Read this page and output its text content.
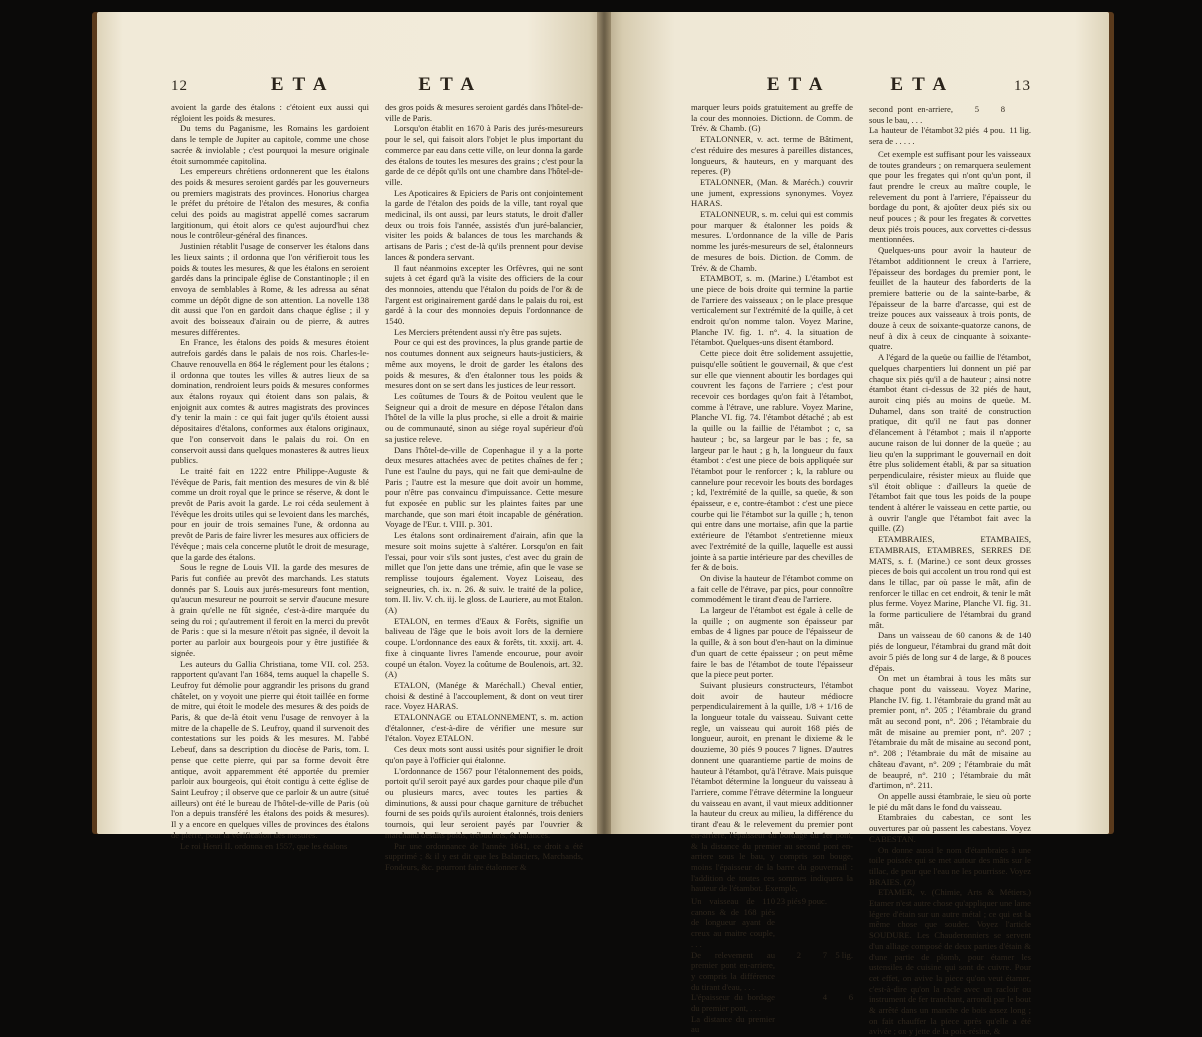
12	ETA	ETA

avoient la garde des étalons : c'étoient eux aussi qui régloient les poids & mesures.

Du tems du Paganisme, les Romains les gardoient dans le temple de Jupiter au capitole, comme une chose sacrée & inviolable ; c'est pourquoi la mesure originale étoit surnommée capitolina.

Les empereurs chrétiens ordonnerent que les étalons des poids & mesures seroient gardés par les gouverneurs ou premiers magistrats des provinces. Honorius chargea le préfet du prétoire de l'étalon des mesures, & confia celui des poids au magistrat appellé comes sacrarum largitionum, qui étoit alors ce qu'est aujourd'hui chez nous le contrôleur-général des finances.

Justinien rétablit l'usage de conserver les étalons dans les lieux saints ; il ordonna que l'on vérifieroit tous les poids & toutes les mesures, & que les étalons en seroient gardés dans la principale église de Constantinople ; il en envoya de semblables à Rome, & les adressa au sénat comme un dépôt digne de son attention. La novelle 138 dit aussi que l'on en gardoit dans chaque église ; il y avoit des boisseaux d'airain ou de pierre, & autres mesures différentes.

En France, les étalons des poids & mesures étoient autrefois gardés dans le palais de nos rois. Charles-le-Chauve renouvella en 864 le réglement pour les étalons ; il ordonna que toutes les villes & autres lieux de sa domination, rendroient leurs poids & mesures conformes aux étalons royaux qui étoient dans son palais, & enjoignit aux comtes & autres magistrats des provinces d'y tenir la main : ce qui fait juger qu'ils étoient aussi dépositaires d'étalons, conformes aux étalons originaux, que l'on conservoit dans le palais du roi. On en conservoit aussi dans quelques monasteres & autres lieux publics.

Le traité fait en 1222 entre Philippe-Auguste & l'évêque de Paris, fait mention des mesures de vin & blé comme un droit royal que le prince se réserve, & dont le prevôt de Paris avoit la garde. Le roi céda seulement à l'évêque les droits utiles qui se levoient dans les marchés, pour en jouir de trois semaines l'une, & ordonna au prevôt de Paris de faire livrer les mesures aux officiers de l'évêque ; mais cela concerne plutôt le droit de mesurage, que la garde des étalons.

Sous le regne de Louis VII. la garde des mesures de Paris fut confiée au prevôt des marchands. Les statuts donnés par S. Louis aux jurés-mesureurs font mention, qu'aucun mesureur ne pourroit se servir d'aucune mesure à grain qu'elle ne fût signée, c'est-à-dire marquée du seing du roi ; qu'autrement il feroit en la merci du prevôt de Paris : que si la mesure n'étoit pas signée, il devoit la porter au parloir aux bourgeois pour y être justifiée & signée.

Les auteurs du Gallia Christiana, tome VII. col. 253. rapportent qu'avant l'an 1684, tems auquel la chapelle S. Leufroy fut démolie pour aggrandir les prisons du grand châtelet, on y voyoit une pierre qui étoit taillée en forme de mitre, qui étoit le modele des mesures & des poids de Paris, & que de-là étoit venu l'usage de renvoyer à la mitre de la chapelle de S. Leufroy, quand il survenoit des contestations sur les poids & les mesures. M. l'abbé Lebeuf, dans sa description du diocèse de Paris, tom. I. pense que cette pierre, qui par sa forme devoit être antique, avoit apparemment été apportée du premier parloir aux bourgeois, qui étoit contigu à cette église de Saint Leufroy ; il observe que ce parloir & un autre (situé ailleurs) ont été le bureau de l'hôtel-de-ville de Paris (où l'on a depuis transféré les étalons des poids & mesures). Il y a encore en quelques villes de provinces des étalons de pierre, pour la vérification des mesures.

Le roi Henri II. ordonna en 1557, que les étalons

des gros poids & mesures seroient gardés dans l'hôtel-de-ville de Paris.

Lorsqu'on établit en 1670 à Paris des jurés-mesureurs pour le sel, qui faisoit alors l'objet le plus important du commerce par eau dans cette ville, on leur donna la garde des étalons de toutes les mesures des grains ; c'est pour la garde de ce dépôt qu'ils ont une chambre dans l'hôtel-de-ville.

Les Apoticaires & Epiciers de Paris ont conjointement la garde de l'étalon des poids de la ville, tant royal que medicinal, ils ont aussi, par leurs statuts, le droit d'aller deux ou trois fois l'année, assistés d'un juré-balancier, visiter les poids & balances de tous les marchands & artisans de Paris ; c'est de-là qu'ils prennent pour devise lances & pondera servant.

Il faut néanmoins excepter les Orfèvres, qui ne sont sujets à cet égard qu'à la visite des officiers de la cour des monnoies, attendu que l'étalon du poids de l'or & de l'argent est originairement gardé dans le palais du roi, est gardé à la cour des monnoies depuis l'ordonnance de 1540.

Les Merciers prétendent aussi n'y être pas sujets.

Pour ce qui est des provinces, la plus grande partie de nos coutumes donnent aux seigneurs hauts-justiciers, & même aux moyens, le droit de garder les étalons des poids & mesures, & d'en étalonner tous les poids & mesures dont on se sert dans les justices de leur ressort.

Les coûtumes de Tours & de Poitou veulent que le Seigneur qui a droit de mesure en dépose l'étalon dans l'hôtel de la ville la plus proche, si elle a droit & mairie ou de communauté, sinon au siége royal supérieur d'où sa justice releve.

Dans l'hôtel-de-ville de Copenhague il y a la porte deux mesures attachées avec de petites chaînes de fer ; l'une est l'aulne du pays, qui ne fait que demi-aulne de Paris ; l'autre est la mesure que doit avoir un homme, pour n'être pas convaincu d'impuissance. Cette mesure fut exposée en public sur les plaintes faites par une marchande, que son mari étoit incapable de génération. Voyage de l'Eur. t. VIII. p. 301.

Les étalons sont ordinairement d'airain, afin que la mesure soit moins sujette à s'altérer. Lorsqu'on en fait l'essai, pour voir s'ils sont justes, c'est avec du grain de millet que l'on jette dans une trémie, afin que le vase se remplisse toujours également. Voyez Loiseau, des seigneuries, ch. ix. n. 26. & suiv. le traité de la police, tom. II. liv. V. ch. iij. le gloss. de Lauriere, au mot Etalon. (A)

ETALON, en termes d'Eaux & Forêts, signifie un baliveau de l'âge que le bois avoit lors de la derniere coupe. L'ordonnance des eaux & forêts, tit. xxxij. art. 4. fixe à cinquante livres l'amende encourue, pour avoir coupé un étalon. Voyez la coûtume de Boulenois, art. 32. (A)

ETALON, (Manége & Maréchall.) Cheval entier, choisi & destiné à l'accouplement, & dont on veut tirer race. Voyez HARAS.

ETALONNAGE ou ETALONNEMENT, s. m. action d'étalonner, c'est-à-dire de vérifier une mesure sur l'étalon. Voyez ETALON.

Ces deux mots sont aussi usités pour signifier le droit qu'on paye à l'officier qui étalonne.

L'ordonnance de 1567 pour l'étalonnement des poids, portoit qu'il seroit payé aux gardes pour chaque pile d'un ou plusieurs marcs, avec toutes les parties & diminutions, & aussi pour chaque garniture de trébuchet fourni de ses poids qu'ils auroient étalonnés, trois deniers tournois, qui leur seroient payés par l'ouvrier & marchand desdits poids, trébuchets, & balances.

Par une ordonnance de l'année 1641, ce droit a été supprimé ; & il y est dit que les Balanciers, Marchands, Fondeurs, &c. pourront faire étalonner &

ETA	ETA	13

marquer leurs poids gratuitement au greffe de la cour des monnoies. Dictionn. de Comm. de Trév. & Chamb. (G)

ETALONNER, v. act. terme de Bâtiment, c'est réduire des mesures à pareilles distances, longueurs, & hauteurs, en y marquant des reperes. (P)

ETALONNER, (Man. & Maréch.) couvrir une jument, expressions synonymes. Voyez HARAS.

ETALONNEUR, s. m. celui qui est commis pour marquer & étalonner les poids & mesures. L'ordonnance de la ville de Paris nomme les jurés-mesureurs de sel, étalonneurs de mesures de bois. Diction. de Comm. de Trév. & de Chamb.

ETAMBOT, s. m. (Marine.) L'étambot est une piece de bois droite qui termine la partie de l'arriere des vaisseaux ; on le place presque verticalement sur l'extrémité de la quille, à cet endroit qu'on nomme talon. Voyez Marine, Planche IV. fig. 1. n°. 4. la situation de l'étambot. Quelques-uns disent étambord.

Cette piece doit être solidement assujettie, puisqu'elle soûtient le gouvernail, & que c'est sur elle que viennent aboutir les bordages qui couvrent les façons de l'arriere ; c'est pour recevoir ces bordages qu'on fait à l'étambot, comme à l'étrave, une rablure. Voyez Marine, Planche VI. fig. 74. l'étambot détaché ; ab est la quille ou la faillie de l'étambot ; c, sa hauteur ; bc, sa largeur par le bas ; fe, sa largeur par le haut ; g h, la longueur du faux étambot : c'est une piece de bois appliquée sur l'étambot pour le renforcer ; k, la rablure ou cannelure pour recevoir les bouts des bordages ; kd, l'extrémité de la quille, sa queüe, & son épaisseur, e e, contre-étambot : c'est une piece courbe qui lie l'étambot sur la quille ; h, tenon qui entre dans une mortaise, afin que la partie extérieure de l'étambot s'entretienne mieux avec l'extrémité de la quille, laquelle est aussi jointe à sa partie intérieure par des chevilles de fer & de bois.

On divise la hauteur de l'étambot comme on a fait celle de l'étrave, par pics, pour connoître commodément le tirant d'eau de l'arriere.

La largeur de l'étambot est égale à celle de la quille ; on augmente son épaisseur par embas de 4 lignes par pouce de l'épaisseur de la quille, & à son bout d'en-haut on la diminue d'un quart de cette épaisseur ; on peut même faire le bas de l'étambot de toute l'épaisseur que la piece peut porter.

Suivant plusieurs constructeurs, l'étambot doit avoir de hauteur médiocre perpendiculairement à la quille, 1/8 + 1/16 de la longueur totale du vaisseau. Suivant cette regle, un vaisseau qui auroit 168 piés de longueur, auroit, en prenant le dixieme & le douzieme, 30 piés 9 pouces 7 lignes. D'autres donnent une quarantieme partie de moins de hauteur à l'étambot, qu'à l'étrave. Mais puisque l'étambot détermine la longueur du vaisseau à l'arriere, comme l'étrave détermine la longueur du vaisseau en avant, il vaut mieux additionner la hauteur du creux au milieu, la différence du tirant d'eau & le relevement du premier pont en-arriere, l'épaisseur du bordage du 1er pont, & la distance du premier au second pont en-arriere sous le bau, y compris son bouge, moins l'épaisseur de la barre du gouvernail : l'addition de toutes ces sommes indiquera la hauteur de l'étambot. Exemple,

Un vaisseau de 110 canons & de 168 piés de longueur ayant de creux au maitre couple, . . .	23 piés	9 pouc.	
De relevement au premier pont en-arriere, y compris la différence du tirant d'eau, . . .	2	7	5 lig.
L'épaisseur du bordage du premier pont, . . .		4	6
La distance du premier au			
second pont en-arriere, sous le bau, . . .	5	8	
La hauteur de l'étambot sera de . . . . .	32 piés	4 pou.	11 lig.

Cet exemple est suffisant pour les vaisseaux de toutes grandeurs ; on remarquera seulement que pour les fregates qui n'ont qu'un pont, il faut prendre le creux au maître couple, le relevement du pont à l'arriere, l'épaisseur du bordage du pont, & ajoûter deux piés six ou neuf pouces ; & pour les fregates & corvettes deux piés trois pouces, aux corvettes ci-dessus mentionnées.

Quelques-uns pour avoir la hauteur de l'étambot additionnent le creux à l'arriere, l'épaisseur des bordages du premier pont, le feuillet de la hauteur des faborderts de la premiere batterie ou de la sainte-barbe, & l'épaisseur de la barre d'arcasse, qui est de treize pouces aux vaisseaux à trois ponts, de douze à ceux de soixante-quatorze canons, de neuf à dix à ceux de cinquante à soixante-quatre.

A l'égard de la queüe ou faillie de l'étambot, quelques charpentiers lui donnent un pié par chaque six piés qu'il a de hauteur ; ainsi notre étambot étant ci-dessus de 32 piés de haut, auroit cinq piés au moins de queüe. M. Duhamel, dans son traité de construction pratique, dit qu'il ne faut pas donner d'élancement à l'étambot ; mais il n'apporte aucune raison de lui donner de la queüe ; au lieu qu'en la supprimant le gouvernail en doit être plus solidement établi, & par sa situation perpendiculaire, résister mieux au fluide que s'il étoit oblique : d'ailleurs la queüe de l'étambot fait que tous les poids de la poupe tendent à altérer le vaisseau en cette partie, ou à ouvrir l'angle que l'étambot fait avec la quille. (Z)

ETAMBRAIES, ETAMBAIES, ETAMBRAIS, ETAMBRES, SERRES DE MATS, s. f. (Marine.) ce sont deux grosses pieces de bois qui accolent un trou rond qui est dans le tillac, par où passe le mât, afin de renforcer le tillac en cet endroit, & tenir le mât plus ferme. Voyez Marine, Planche VI. fig. 31. la forme particuliere de l'étambrai du grand mât.

Dans un vaisseau de 60 canons & de 140 piés de longueur, l'étambrai du grand mât doit avoir 5 piés de long sur 4 de large, & 8 pouces d'épais.

On met un étambrai à tous les mâts sur chaque pont du vaisseau. Voyez Marine, Planche IV. fig. 1. l'étambraie du grand mât au premier pont, n°. 205 ; l'étambraie du grand mât au second pont, n°. 206 ; l'étambraie du mât de misaine au premier pont, n°. 207 ; l'étambraie du mât de misaine au second pont, n°. 208 ; l'étambraie du mât de misaine au château d'avant, n°. 209 ; l'étambraie du mât de beaupré, n°. 210 ; l'étambraie du mât d'artimon, n°. 211.

On appelle aussi étambraie, le sieu où porte le pié du mât dans le fond du vaisseau.

Etambraies du cabestan, ce sont les ouvertures par où passent les cabestans. Voyez CABESTAN.

On donne aussi le nom d'étambraies à une toile poissée qui se met autour des mâts sur le tillac, de peur que l'eau ne les pourrisse. Voyez BRAIES. (Z)

ETAMER, v. (Chimie, Arts & Métiers.) Etamer n'est autre chose qu'appliquer une lame légere d'étain sur un autre métal ; ce qui est la même chose que souder. Voyez l'article SOUDURE. Les Chauderonniers se servent d'un alliage composé de deux parties d'étain & d'une partie de plomb, pour étamer les ustensiles de cuisine qui sont de cuivre. Pour cet effet, on avive la piece qu'on veut étamer, c'est-à-dire qu'on la racle avec un racloir ou instrument de fer tranchant, arrondi par le bout & arrêté dans un manche de bois assez long ; on fait chauffer la piece après qu'elle a été avivée ; on y jette de la poix-résine, &
